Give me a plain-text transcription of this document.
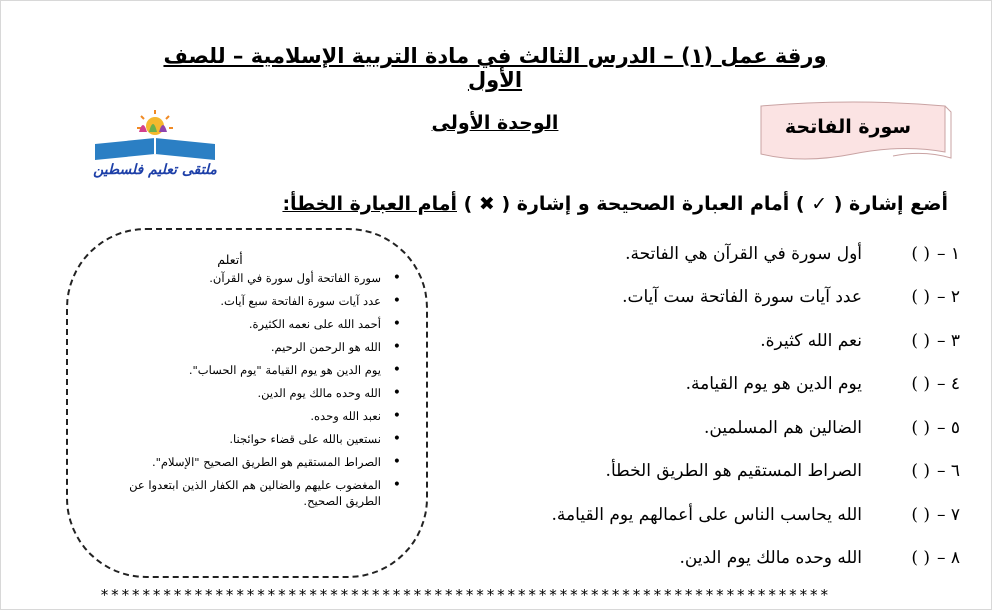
ورقة عمل (١) – الدرس الثالث في مادة التربية الإسلامية – للصف الأول
سورة الفاتحة
الوحدة الأولى
ملتقى تعليم فلسطين
أضع إشارة ( ✓ ) أمام العبارة الصحيحة و إشارة ( ✖ ) أمام العبارة الخطأ:
١ –
( )
أول سورة في القرآن هي الفاتحة.
٢ –
( )
عدد آيات سورة الفاتحة ست آيات.
٣ –
( )
نعم الله كثيرة.
٤ –
( )
يوم الدين هو يوم القيامة.
٥ –
( )
الضالين هم المسلمين.
٦ –
( )
الصراط المستقيم هو الطريق الخطأ.
٧ –
( )
الله يحاسب الناس على أعمالهم يوم القيامة.
٨ –
( )
الله وحده مالك يوم الدين.
أتعلم
• سورة الفاتحة أول سورة في القرآن.
• عدد آيات سورة الفاتحة سبع آيات.
• أحمد الله على نعمه الكثيرة.
• الله هو الرحمن الرحيم.
• يوم الدين هو يوم القيامة "يوم الحساب".
• الله وحده مالك يوم الدين.
• نعبد الله وحده.
• نستعين بالله على قضاء حوائجنا.
• الصراط المستقيم هو الطريق الصحيح "الإسلام".
• المغضوب عليهم والضالين هم الكفار الذين ابتعدوا عن الطريق الصحيح.
**********************************************************************
